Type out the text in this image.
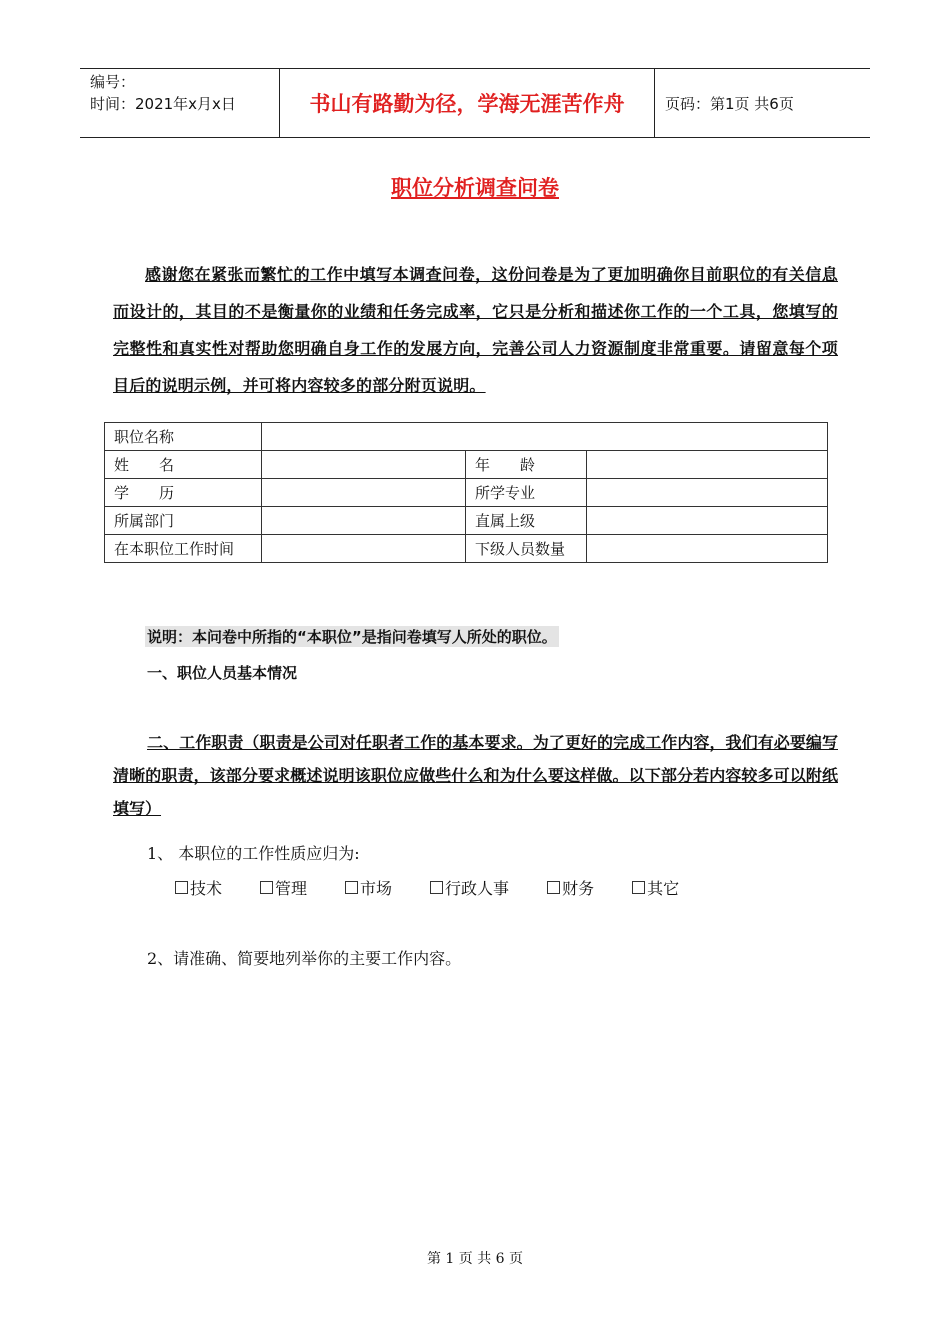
编号：
时间：2021年x月x日	书山有路勤为径，学海无涯苦作舟	页码：第1页 共6页
职位分析调查问卷
感谢您在紧张而繁忙的工作中填写本调查问卷，这份问卷是为了更加明确你目前职位的有关信息而设计的，其目的不是衡量你的业绩和任务完成率，它只是分析和描述你工作的一个工具，您填写的完整性和真实性对帮助您明确自身工作的发展方向，完善公司人力资源制度非常重要。请留意每个项目后的说明示例，并可将内容较多的部分附页说明。
职位名称			
姓　　名		年　　龄	
学　　历		所学专业	
所属部门		直属上级	
在本职位工作时间		下级人员数量	
说明：本问卷中所指的“本职位”是指问卷填写人所处的职位。
一、职位人员基本情况
二、工作职责（职责是公司对任职者工作的基本要求。为了更好的完成工作内容，我们有必要编写清晰的职责，该部分要求概述说明该职位应做些什么和为什么要这样做。以下部分若内容较多可以附纸填写）
1、 本职位的工作性质应归为:
技术	管理	市场	行政人事	财务	其它
2、请准确、简要地列举你的主要工作内容。
第 1 页 共 6 页
